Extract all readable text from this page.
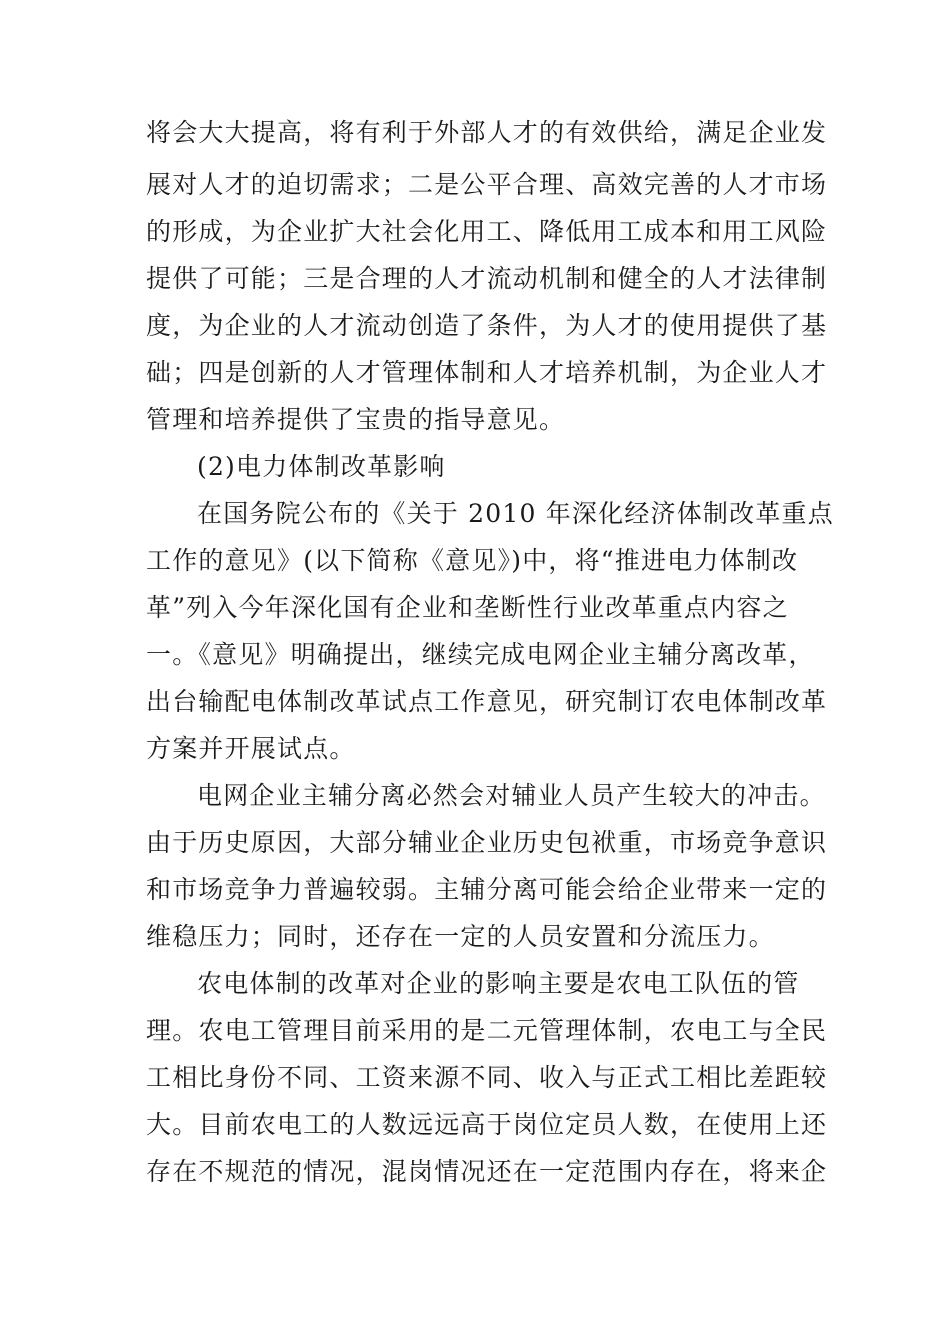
将会大大提高，将有利于外部人才的有效供给，满足企业发
展对人才的迫切需求；二是公平合理、高效完善的人才市场
的形成，为企业扩大社会化用工、降低用工成本和用工风险
提供了可能；三是合理的人才流动机制和健全的人才法律制
度，为企业的人才流动创造了条件，为人才的使用提供了基
础；四是创新的人才管理体制和人才培养机制，为企业人才
管理和培养提供了宝贵的指导意见。
(2)电力体制改革影响
在国务院公布的《关于 2010 年深化经济体制改革重点
工作的意见》(以下简称《意见》)中，将“推进电力体制改
革”列入今年深化国有企业和垄断性行业改革重点内容之
一。《意见》明确提出，继续完成电网企业主辅分离改革，
出台输配电体制改革试点工作意见，研究制订农电体制改革
方案并开展试点。
电网企业主辅分离必然会对辅业人员产生较大的冲击。
由于历史原因，大部分辅业企业历史包袱重，市场竞争意识
和市场竞争力普遍较弱。主辅分离可能会给企业带来一定的
维稳压力；同时，还存在一定的人员安置和分流压力。
农电体制的改革对企业的影响主要是农电工队伍的管
理。农电工管理目前采用的是二元管理体制，农电工与全民
工相比身份不同、工资来源不同、收入与正式工相比差距较
大。目前农电工的人数远远高于岗位定员人数，在使用上还
存在不规范的情况，混岗情况还在一定范围内存在，将来企
